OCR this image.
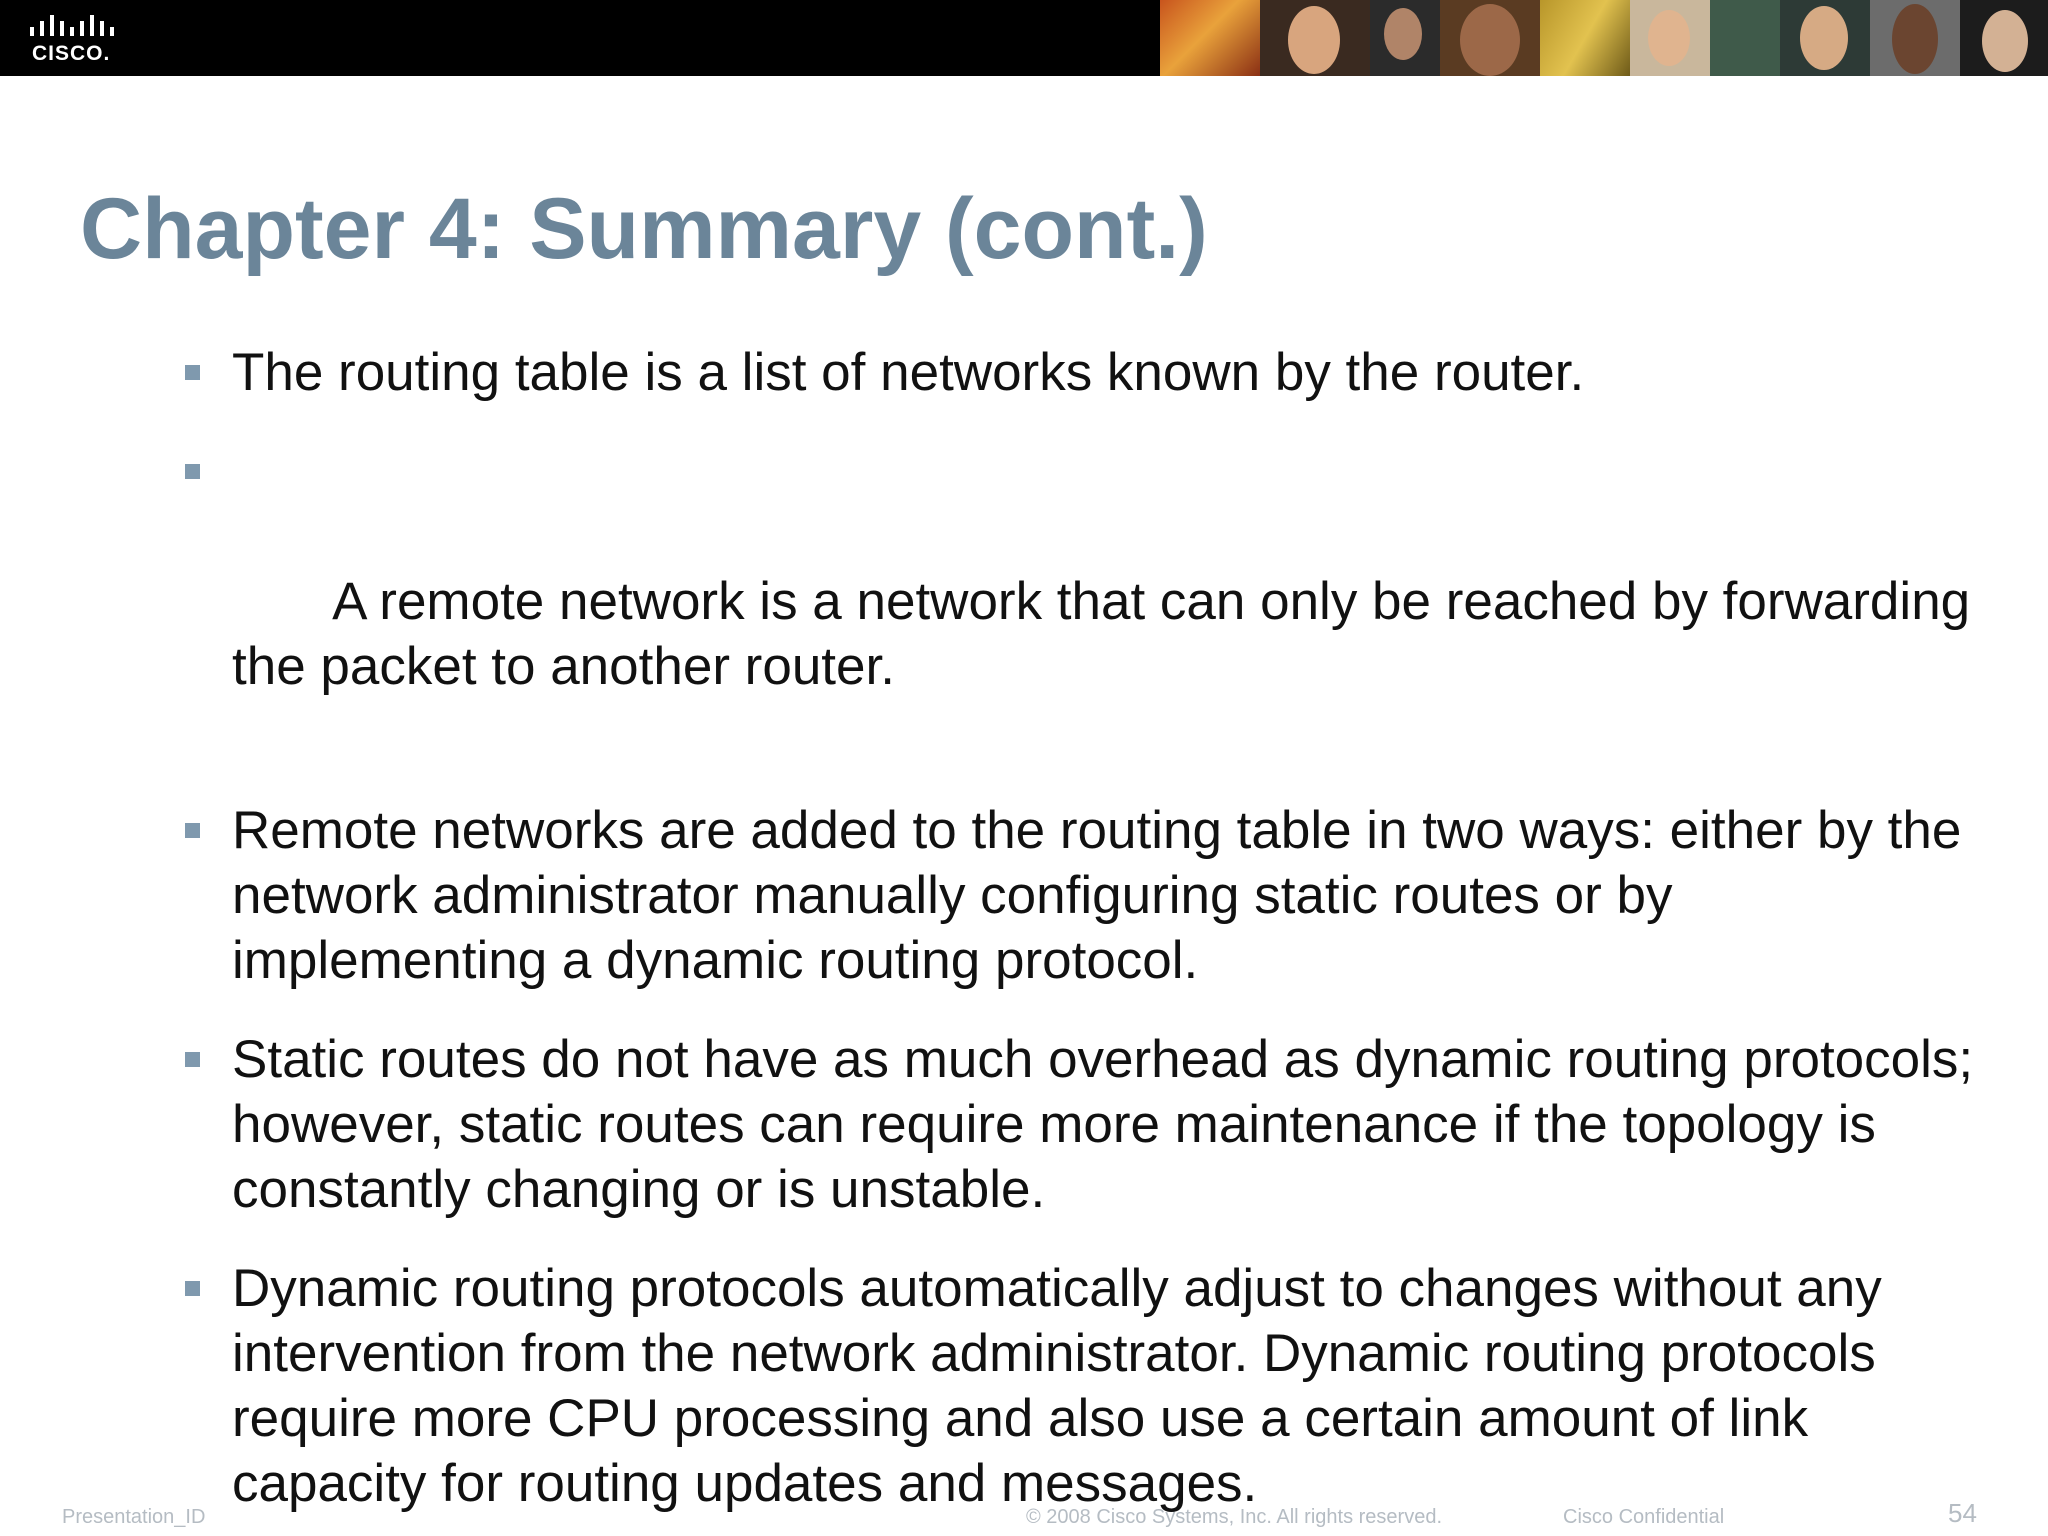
CISCO.
Chapter 4: Summary (cont.)
The routing table is a list of networks known by the router.

A remote network is a network that can only be reached by forwarding the packet to another router.

Remote networks are added to the routing table in two ways: either by the network administrator manually configuring static routes or by implementing a dynamic routing protocol.
Static routes do not have as much overhead as dynamic routing protocols; however, static routes can require more maintenance if the topology is constantly changing or is unstable.
Dynamic routing protocols automatically adjust to changes without any intervention from the network administrator. Dynamic routing protocols require more CPU processing and also use a certain amount of link capacity for routing updates and messages.
Presentation_ID	© 2008 Cisco Systems, Inc. All rights reserved.	Cisco Confidential	54
